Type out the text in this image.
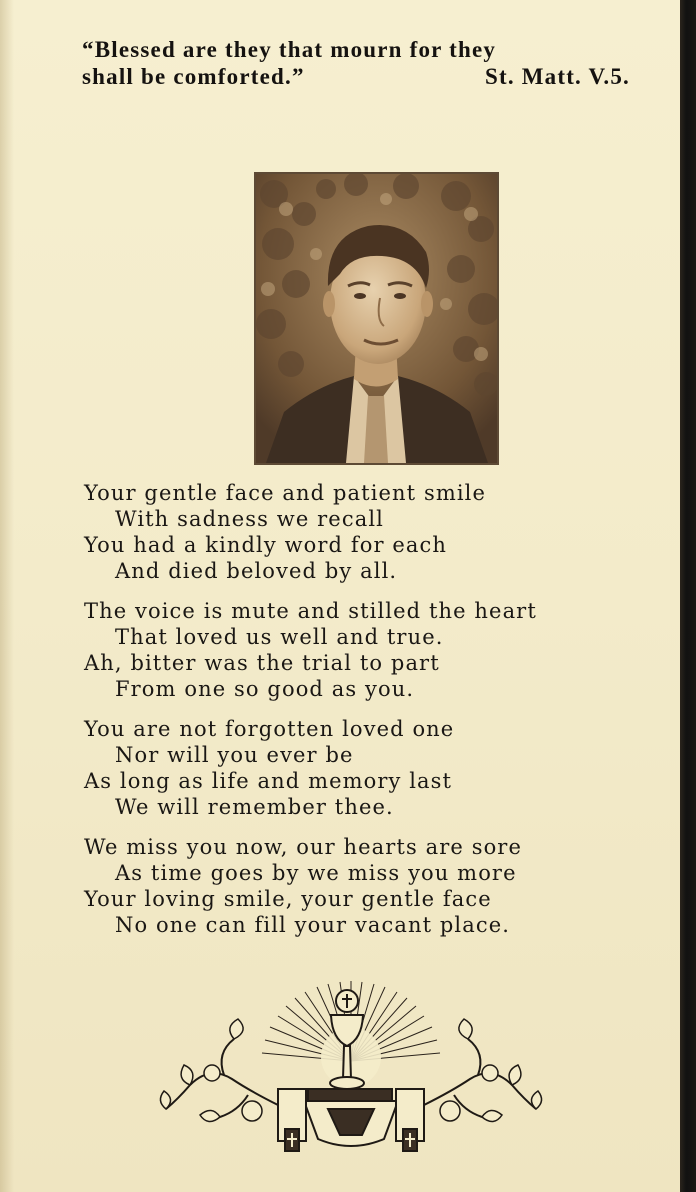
“Blessed are they that mourn for they
shall be comforted.”	St. Matt. V.5.
Your gentle face and patient smile
With sadness we recall
You had a kindly word for each
And died beloved by all.
The voice is mute and stilled the heart
That loved us well and true.
Ah, bitter was the trial to part
From one so good as you.
You are not forgotten loved one
Nor will you ever be
As long as life and memory last
We will remember thee.
We miss you now, our hearts are sore
As time goes by we miss you more
Your loving smile, your gentle face
No one can fill your vacant place.
